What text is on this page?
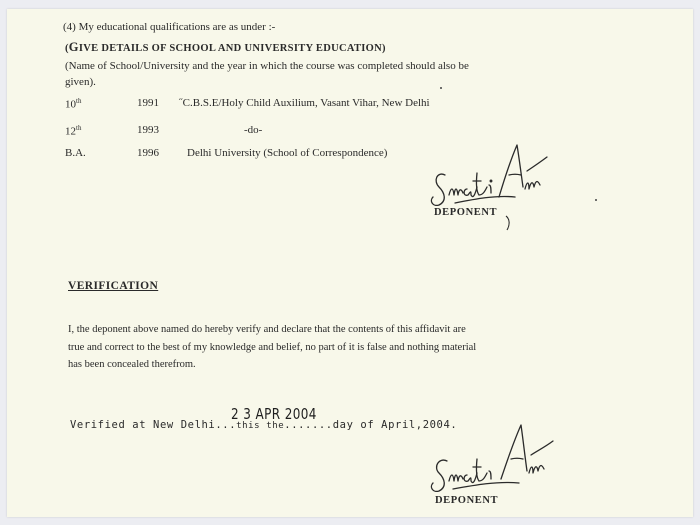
(4) My educational qualifications are as under :-
(GIVE DETAILS OF SCHOOL AND UNIVERSITY EDUCATION)
(Name of School/University and the year in which the course was completed should also be
given).
10th	1991 ˝C.B.S.E/Holy Child Auxilium, Vasant Vihar, New Delhi
12th	1993	-do-
B.A.	1996	Delhi University (School of Correspondence)
DEPONENT
VERIFICATION
I, the deponent above named do hereby verify and declare that the contents of this affidavit are
true and correct to the best of my knowledge and belief, no part of it is false and nothing material
has been concealed therefrom.
Verified at New Delhi...this the.......day of April,2004.
2 3 APR 2004
DEPONENT
